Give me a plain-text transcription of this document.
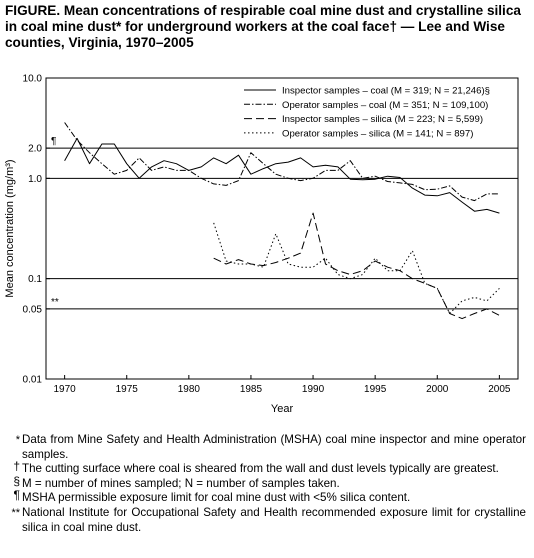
FIGURE. Mean concentrations of respirable coal mine dust and crystalline silica in coal mine dust* for underground workers at the coal face† — Lee and Wise counties, Virginia, 1970–2005
¶
**
10.0
2.0
1.0
0.1
0.05
0.01
Mean concentration (mg/m³)
1970	1975	1980	1985	1990	1995	2000	2005
Year
Inspector samples – coal (M = 319; N = 21,246)§
Operator samples – coal (M = 351; N = 109,100)
Inspector samples – silica (M = 223; N = 5,599)
Operator samples – silica (M = 141; N = 897)
* Data from Mine Safety and Health Administration (MSHA) coal mine inspector and mine operator samples.
† The cutting surface where coal is sheared from the wall and dust levels typically are greatest.
§ M = number of mines sampled; N = number of samples taken.
¶ MSHA permissible exposure limit for coal mine dust with <5% silica content.
** National Institute for Occupational Safety and Health recommended exposure limit for crystalline silica in coal mine dust.
